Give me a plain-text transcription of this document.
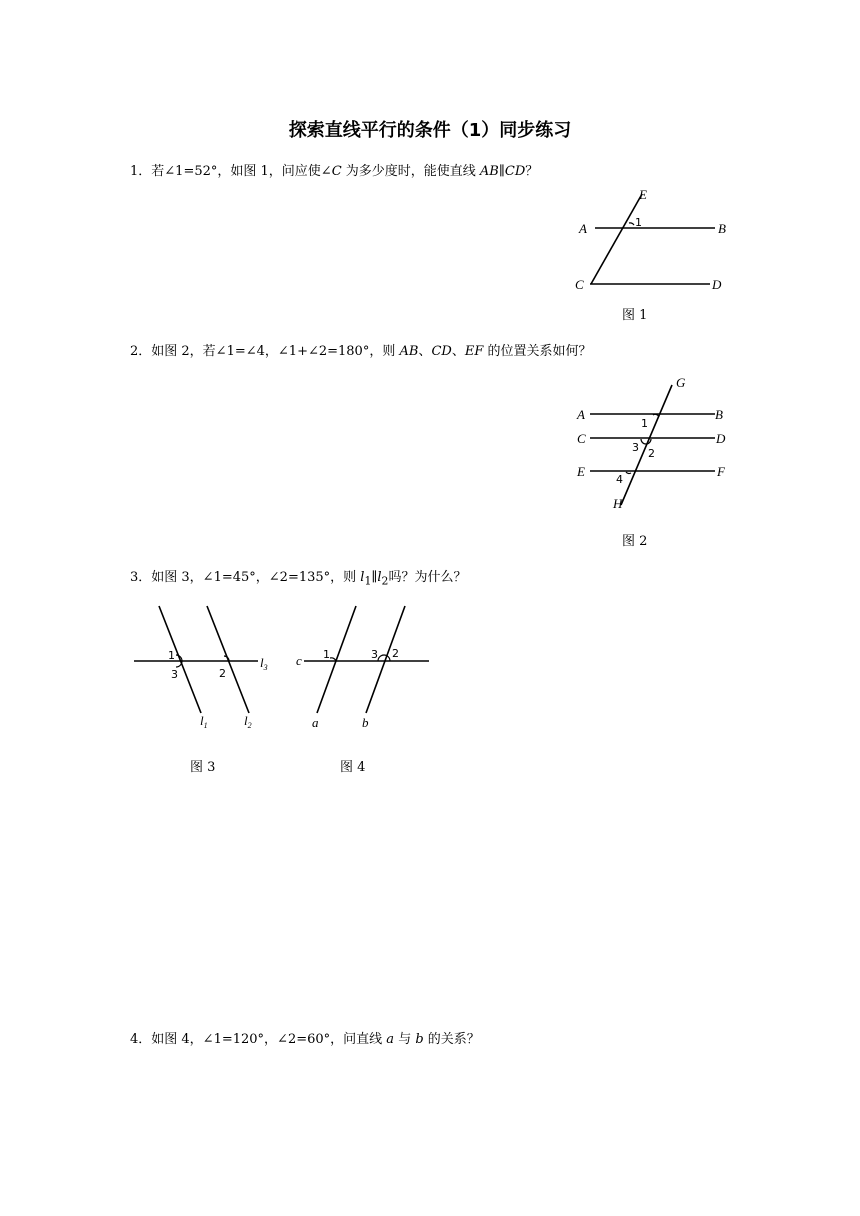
探索直线平行的条件（1）同步练习
1．若∠1=52°，如图 1，问应使∠C 为多少度时，能使直线 AB∥CD？
E
A	B
C	D
1
图 1
2．如图 2，若∠1=∠4，∠1+∠2=180°，则 AB、CD、EF 的位置关系如何？
G
A	B
C	D
E	F
H
1
3 2
4
图 2
3．如图 3，∠1=45°，∠2=135°，则 $l_1\parallel l_2$吗？为什么？
1
3	2
$l_3$
$l_1$	$l_2$
图 3
c 1	3 2
a	b
图 4
4．如图 4，∠1=120°，∠2=60°，问直线 a 与 b 的关系？
